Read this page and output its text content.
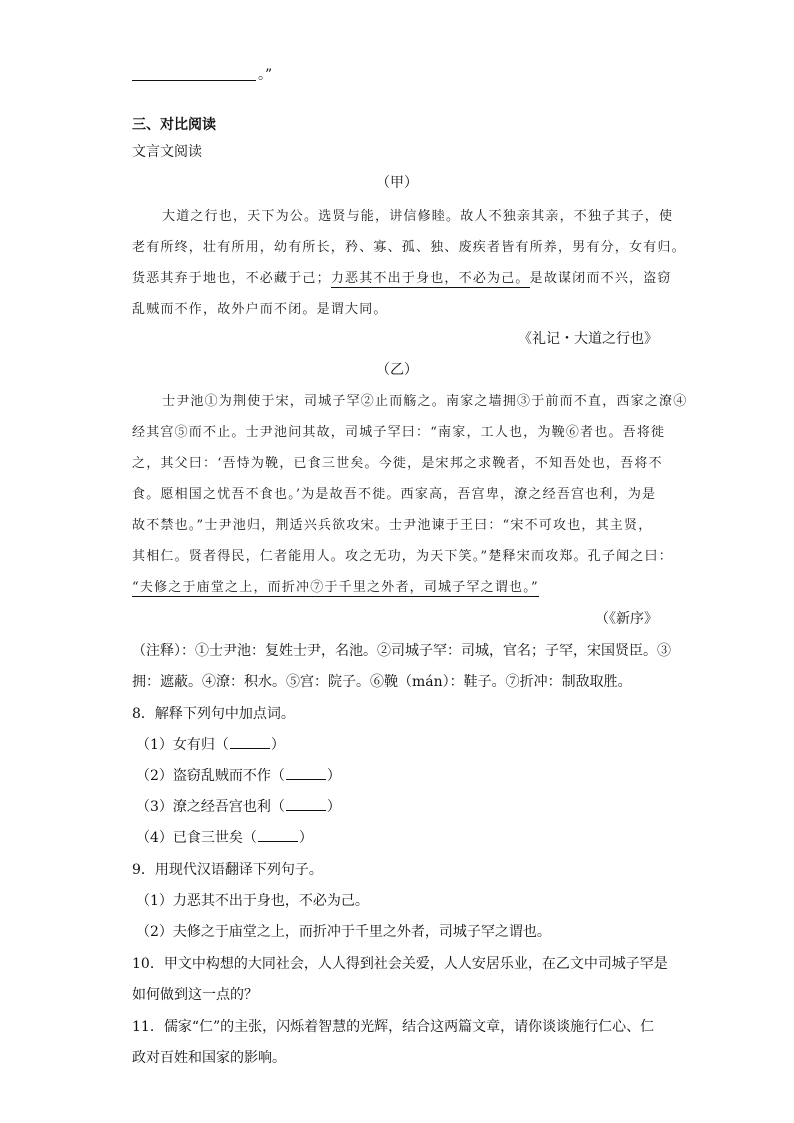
。”
三、对比阅读
文言文阅读
（甲）
大道之行也，天下为公。选贤与能，讲信修睦。故人不独亲其亲，不独子其子，使
老有所终，壮有所用，幼有所长，矜、寡、孤、独、废疾者皆有所养，男有分，女有归。
货恶其弃于地也，不必藏于己；力恶其不出于身也，不必为己。是故谋闭而不兴，盗窃
乱贼而不作，故外户而不闭。是谓大同。
《礼记・大道之行也》
（乙）
士尹池①为荆使于宋，司城子罕②止而觞之。南家之墙拥③于前而不直，西家之潦④
经其宫⑤而不止。士尹池问其故，司城子罕曰：“南家，工人也，为鞔⑥者也。吾将徙
之，其父曰：‘吾恃为鞔，已食三世矣。今徙，是宋邦之求鞔者，不知吾处也，吾将不
食。愿相国之忧吾不食也。’为是故吾不徙。西家高，吾宫卑，潦之经吾宫也利，为是
故不禁也。”士尹池归，荆适兴兵欲攻宋。士尹池谏于王曰：“宋不可攻也，其主贤，
其相仁。贤者得民，仁者能用人。攻之无功，为天下笑。”楚释宋而攻郑。孔子闻之曰：
“夫修之于庙堂之上，而折冲⑦于千里之外者，司城子罕之谓也。”
（《新序》
（注释）：①士尹池：复姓士尹，名池。②司城子罕：司城，官名；子罕，宋国贤臣。③
拥：遮蔽。④潦：积水。⑤宫：院子。⑥鞔（mán）：鞋子。⑦折冲：制敌取胜。
8．解释下列句中加点词。
（1）女有归（	）
（2）盗窃乱贼而不作（	）
（3）潦之经吾宫也利（	）
（4）已食三世矣（	）
9．用现代汉语翻译下列句子。
（1）力恶其不出于身也，不必为己。
（2）夫修之于庙堂之上，而折冲于千里之外者，司城子罕之谓也。
10．甲文中构想的大同社会，人人得到社会关爱，人人安居乐业，在乙文中司城子罕是
如何做到这一点的？
11．儒家“仁”的主张，闪烁着智慧的光辉，结合这两篇文章，请你谈谈施行仁心、仁
政对百姓和国家的影响。
